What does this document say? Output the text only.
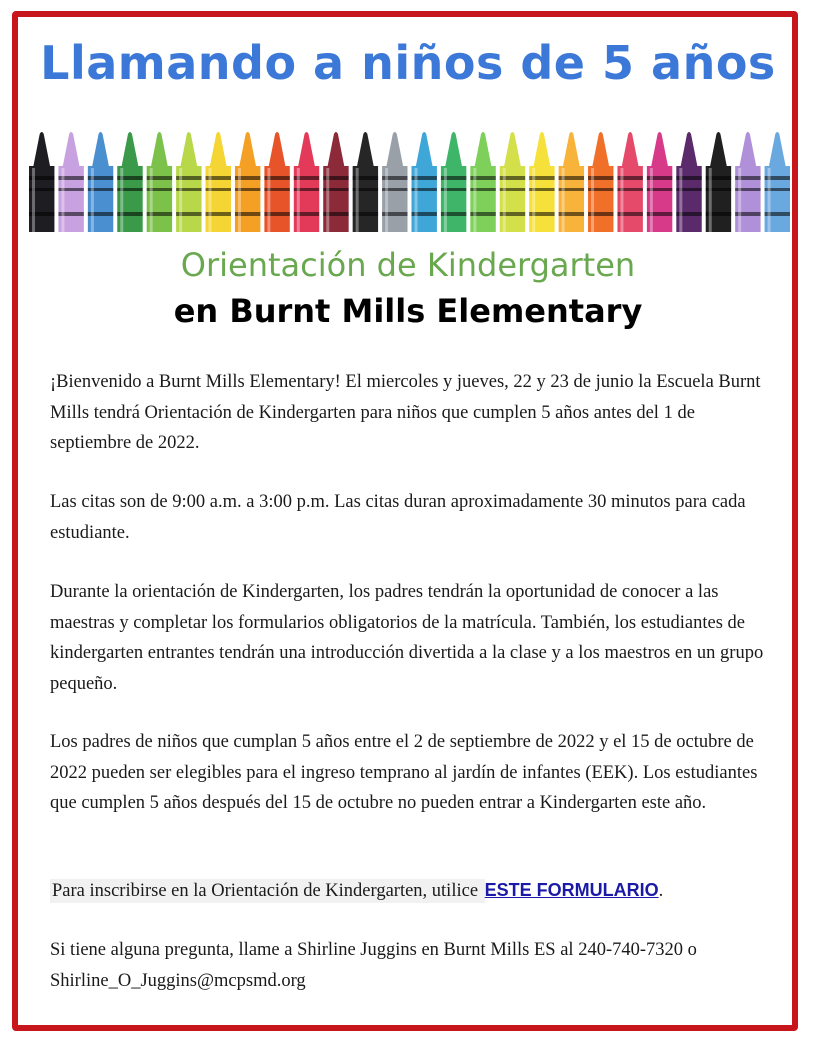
Llamando a niños de 5 años
Orientación de Kindergarten
en Burnt Mills Elementary

¡Bienvenido a Burnt Mills Elementary! El miercoles y jueves, 22 y 23 de junio la Escuela Burnt Mills tendrá Orientación de Kindergarten para niños que cumplen 5 años antes del 1 de septiembre de 2022.

Las citas son de 9:00 a.m. a 3:00 p.m. Las citas duran aproximadamente 30 minutos para cada estudiante.

Durante la orientación de Kindergarten, los padres tendrán la oportunidad de conocer a las maestras y completar los formularios obligatorios de la matrícula. También, los estudiantes de kindergarten entrantes tendrán una introducción divertida a la clase y a los maestros en un grupo pequeño.

Los padres de niños que cumplan 5 años entre el 2 de septiembre de 2022 y el 15 de octubre de 2022 pueden ser elegibles para el ingreso temprano al jardín de infantes (EEK). Los estudiantes que cumplen 5 años después del 15 de octubre no pueden entrar a Kindergarten este año.

Para inscribirse en la Orientación de Kindergarten, utilice ESTE FORMULARIO.

Si tiene alguna pregunta, llame a Shirline Juggins en Burnt Mills ES al 240-740-7320 o Shirline_O_Juggins@mcpsmd.org
